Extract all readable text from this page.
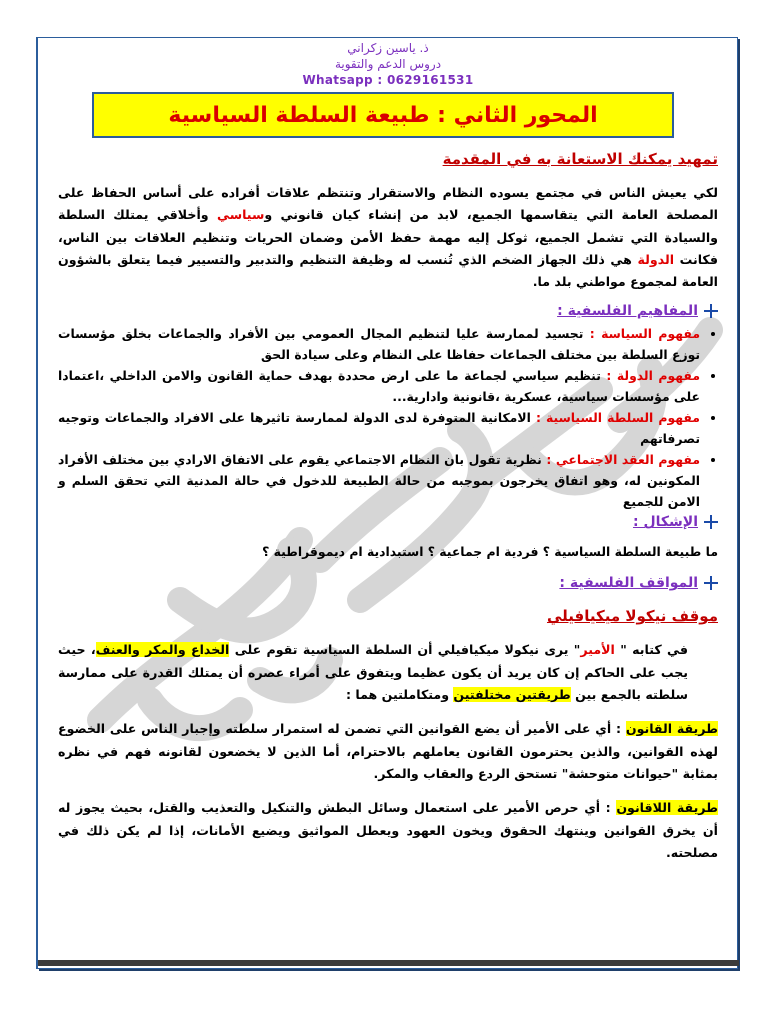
ذ. ياسين زكراني
دروس الدعم والتقوية
Whatsapp : 0629161531
المحور الثاني : طبيعة السلطة السياسية
تمهيد يمكنك الاستعانة به في المقدمة
لكي يعيش الناس في مجتمع يسوده النظام والاستقرار وتنتظم علاقات أفراده على أساس الحفاظ على المصلحة العامة التي يتقاسمها الجميع، لابد من إنشاء كيان قانوني وسياسي وأخلاقي يمتلك السلطة والسيادة التي تشمل الجميع، ثوكل إليه مهمة حفظ الأمن وضمان الحريات وتنظيم العلاقات بين الناس، فكانت الدولة هي ذلك الجهاز الضخم الذي تُنسب له وظيفة التنظيم والتدبير والتسيير فيما يتعلق بالشؤون العامة لمجموع مواطني بلد ما.
المفاهيم الفلسفية :
• مفهوم السياسة : تجسيد لممارسة عليا لتنظيم المجال العمومي بين الأفراد والجماعات بخلق مؤسسات توزع السلطة بين مختلف الجماعات حفاظا على النظام وعلى سيادة الحق
• مفهوم الدولة : تنظيم سياسي لجماعة ما على ارض محددة بهدف حماية القانون والامن الداخلي ،اعتمادا على مؤسسات سياسية، عسكرية ،قانونية وادارية...
• مفهوم السلطة السياسية : الامكانية المتوفرة لدى الدولة لممارسة تاثيرها على الافراد والجماعات وتوجيه تصرفاتهم
• مفهوم العقد الاجتماعي : نظرية تقول بان النظام الاجتماعي يقوم على الاتفاق الارادي بين مختلف الأفراد المكونين له، وهو اتفاق يخرجون بموجبه من حالة الطبيعة للدخول في حالة المدنية التي تحقق السلم و الامن للجميع
الإشكال :
ما طبيعة السلطة السياسية ؟ فردية ام جماعية ؟ استبدادية ام ديموقراطية ؟
المواقف الفلسفية :
موقف نيكولا ميكيافيلي
في كتابه " الأمير" يرى نيكولا ميكيافيلي أن السلطة السياسية تقوم على الخداع والمكر والعنف، حيث يجب على الحاكم إن كان يريد أن يكون عظيما ويتفوق على أمراء عصره أن يمتلك القدرة على ممارسة سلطته بالجمع بين طريقتين مختلفتين ومتكاملتين هما :
طريقة القانون : أي على الأمير أن يضع القوانين التي تضمن له استمرار سلطته وإجبار الناس على الخضوع لهذه القوانين، والذين يحترمون القانون يعاملهم بالاحترام، أما الذين لا يخضعون لقانونه فهم في نظره بمثابة "حيوانات متوحشة" تستحق الردع والعقاب والمكر.
طريقة اللاقانون : أي حرص الأمير على استعمال وسائل البطش والتنكيل والتعذيب والقتل، بحيث يجوز له أن يخرق القوانين وينتهك الحقوق ويخون العهود ويعطل المواثيق ويضيع الأمانات، إذا لم يكن ذلك في مصلحته.
